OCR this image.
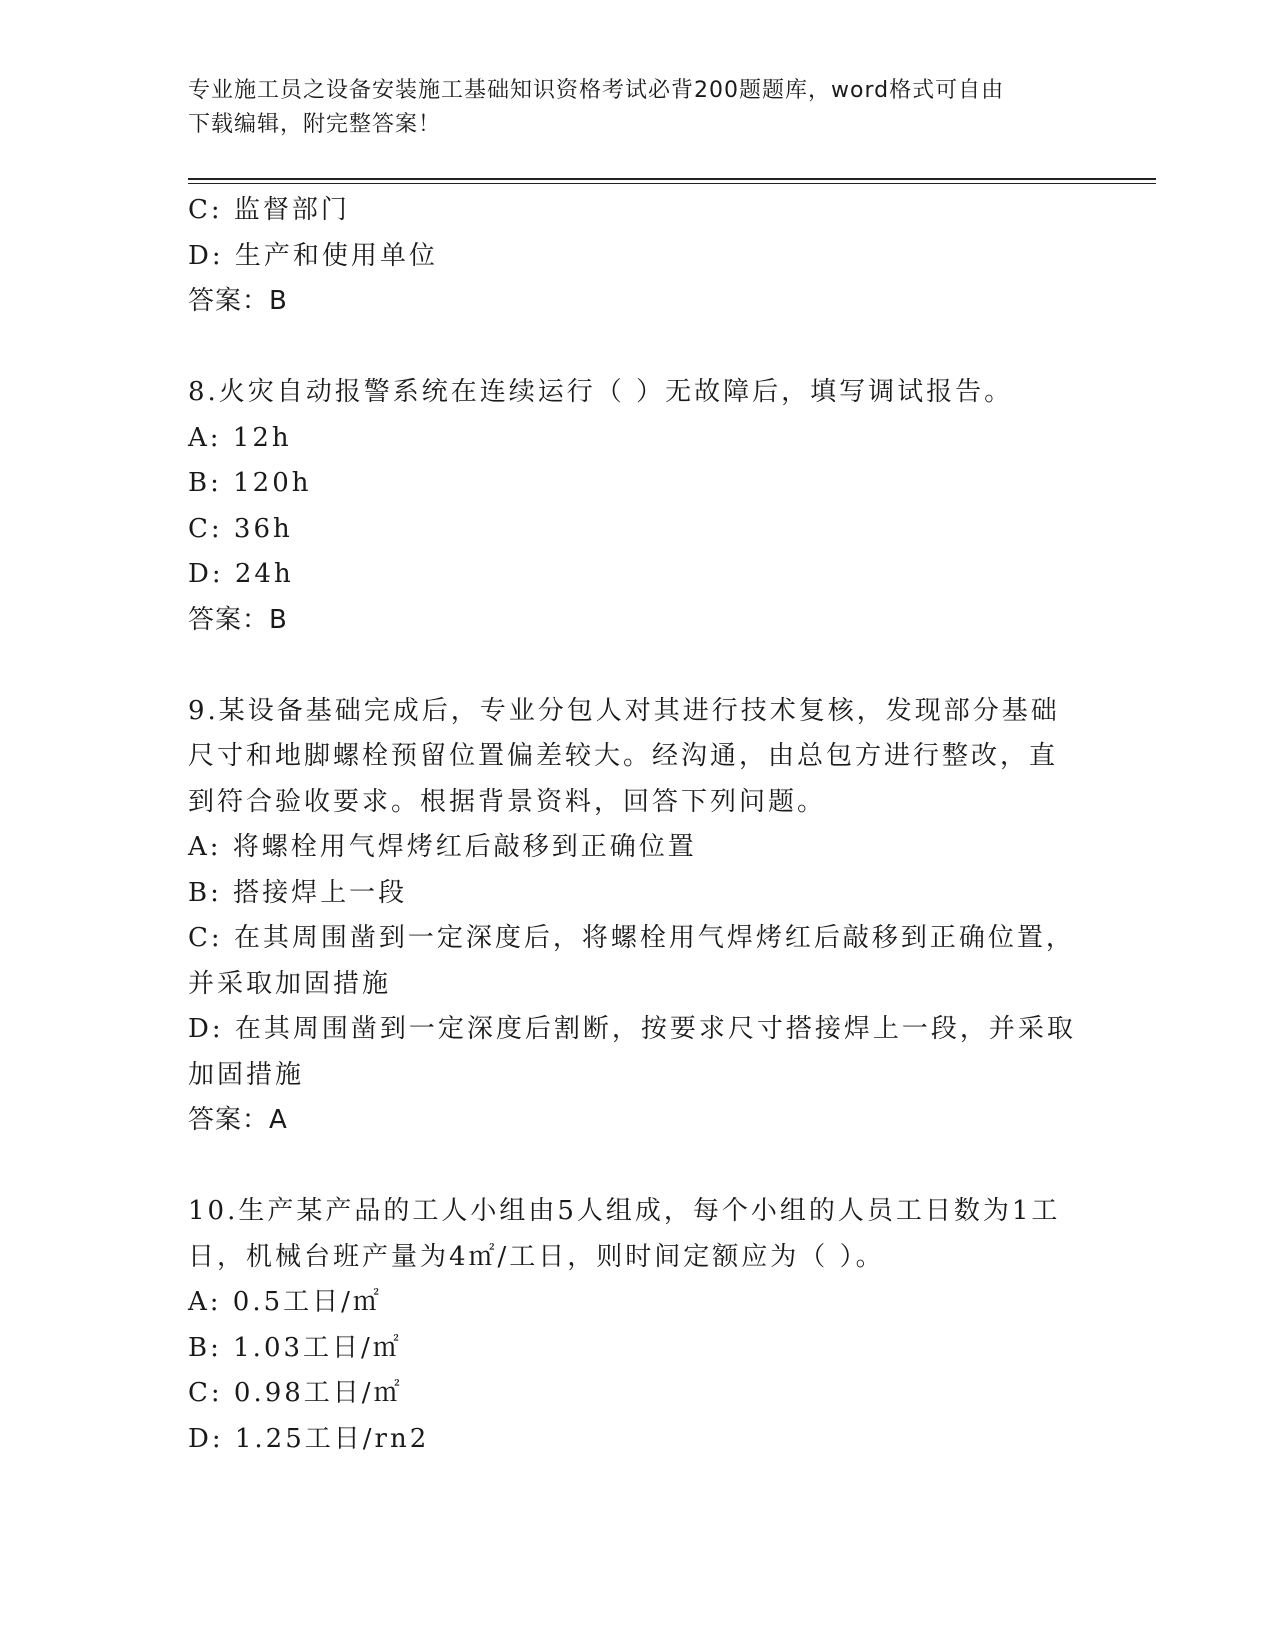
专业施工员之设备安装施工基础知识资格考试必背200题题库，word格式可自由
下载编辑，附完整答案！
C: 监督部门
D: 生产和使用单位
答案：B
8.火灾自动报警系统在连续运行（ ）无故障后，填写调试报告。
A: 12h
B: 120h
C: 36h
D: 24h
答案：B
9.某设备基础完成后，专业分包人对其进行技术复核，发现部分基础
尺寸和地脚螺栓预留位置偏差较大。经沟通，由总包方进行整改，直
到符合验收要求。根据背景资料，回答下列问题。
A: 将螺栓用气焊烤红后敲移到正确位置
B: 搭接焊上一段
C: 在其周围凿到一定深度后，将螺栓用气焊烤红后敲移到正确位置，
并采取加固措施
D: 在其周围凿到一定深度后割断，按要求尺寸搭接焊上一段，并采取
加固措施
答案：A
10.生产某产品的工人小组由5人组成，每个小组的人员工日数为1工
日，机械台班产量为4㎡/工日，则时间定额应为（ ）。
A: 0.5工日/㎡
B: 1.03工日/㎡
C: 0.98工日/㎡
D: 1.25工日/rn2
